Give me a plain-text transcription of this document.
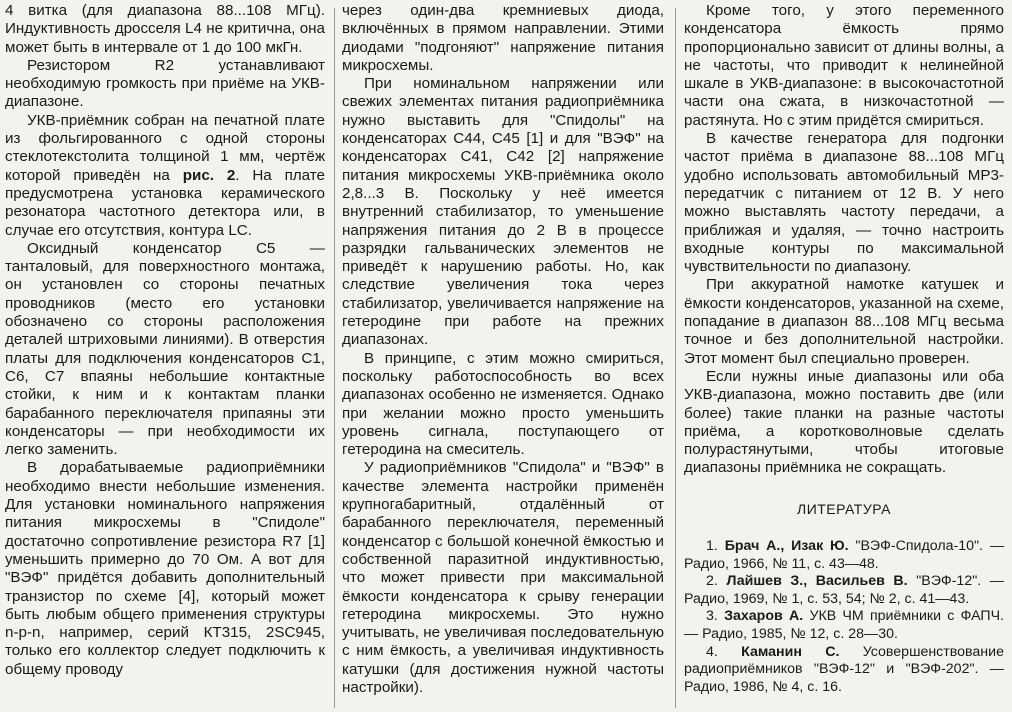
4 витка (для диапазона 88...108 МГц). Индуктивность дросселя L4 не критична, она может быть в интервале от 1 до 100 мкГн.

Резистором R2 устанавливают необходимую громкость при приёме на УКВ-диапазоне.

УКВ-приёмник собран на печатной плате из фольгированного с одной стороны стеклотекстолита толщиной 1 мм, чертёж которой приведён на рис. 2. На плате предусмотрена установка керамического резонатора частотного детектора или, в случае его отсутствия, контура LC.

Оксидный конденсатор C5 — танталовый, для поверхностного монтажа, он установлен со стороны печатных проводников (место его установки обозначено со стороны расположения деталей штриховыми линиями). В отверстия платы для подключения конденсаторов C1, C6, C7 впаяны небольшие контактные стойки, к ним и к контактам планки барабанного переключателя припаяны эти конденсаторы — при необходимости их легко заменить.

В дорабатываемые радиоприёмники необходимо внести небольшие изменения. Для установки номинального напряжения питания микросхемы в "Спидоле" достаточно сопротивление резистора R7 [1] уменьшить примерно до 70 Ом. А вот для "ВЭФ" придётся добавить дополнительный транзистор по схеме [4], который может быть любым общего применения структуры n-p-n, например, серий КТ315, 2SC945, только его коллектор следует подключить к общему проводу

через один-два кремниевых диода, включённых в прямом направлении. Этими диодами "подгоняют" напряжение питания микросхемы.

При номинальном напряжении или свежих элементах питания радиоприёмника нужно выставить для "Спидолы" на конденсаторах C44, C45 [1] и для "ВЭФ" на конденсаторах C41, C42 [2] напряжение питания микросхемы УКВ-приёмника около 2,8...3 В. Поскольку у неё имеется внутренний стабилизатор, то уменьшение напряжения питания до 2 В в процессе разрядки гальванических элементов не приведёт к нарушению работы. Но, как следствие увеличения тока через стабилизатор, увеличивается напряжение на гетеродине при работе на прежних диапазонах.

В принципе, с этим можно смириться, поскольку работоспособность во всех диапазонах особенно не изменяется. Однако при желании можно просто уменьшить уровень сигнала, поступающего от гетеродина на смеситель.

У радиоприёмников "Спидола" и "ВЭФ" в качестве элемента настройки применён крупногабаритный, отдалённый от барабанного переключателя, переменный конденсатор с большой конечной ёмкостью и собственной паразитной индуктивностью, что может привести при максимальной ёмкости конденсатора к срыву генерации гетеродина микросхемы. Это нужно учитывать, не увеличивая последовательную с ним ёмкость, а увеличивая индуктивность катушки (для достижения нужной частоты настройки).

Кроме того, у этого переменного конденсатора ёмкость прямо пропорционально зависит от длины волны, а не частоты, что приводит к нелинейной шкале в УКВ-диапазоне: в высокочастотной части она сжата, в низкочастотной — растянута. Но с этим придётся смириться.

В качестве генератора для подгонки частот приёма в диапазоне 88...108 МГц удобно использовать автомобильный MP3-передатчик с питанием от 12 В. У него можно выставлять частоту передачи, а приближая и удаляя, — точно настроить входные контуры по максимальной чувствительности по диапазону.

При аккуратной намотке катушек и ёмкости конденсаторов, указанной на схеме, попадание в диапазон 88...108 МГц весьма точное и без дополнительной настройки. Этот момент был специально проверен.

Если нужны иные диапазоны или оба УКВ-диапазона, можно поставить две (или более) такие планки на разные частоты приёма, а коротковолновые сделать полурастянутыми, чтобы итоговые диапазоны приёмника не сокращать.

ЛИТЕРАТУРА

1. Брач А., Изак Ю. "ВЭФ-Спидола-10". — Радио, 1966, № 11, с. 43—48.

2. Лайшев З., Васильев В. "ВЭФ-12". — Радио, 1969, № 1, с. 53, 54; № 2, с. 41—43.

3. Захаров А. УКВ ЧМ приёмники с ФАПЧ. — Радио, 1985, № 12, с. 28—30.

4. Каманин С. Усовершенствование радиоприёмников "ВЭФ-12" и "ВЭФ-202". — Радио, 1986, № 4, с. 16.
